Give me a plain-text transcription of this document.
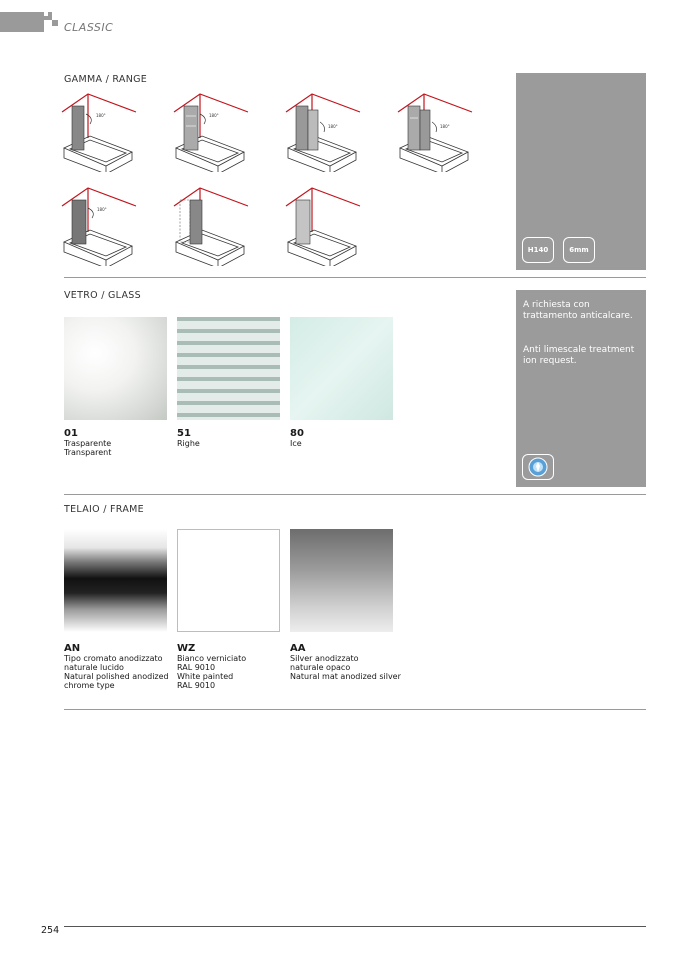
CLASSIC
GAMMA / RANGE
180°	180°
180°	180°
180°
H140	6mm
VETRO / GLASS
01
Trasparente
Transparent
51
Righe
80
Ice
A richiesta con trattamento anticalcare.
Anti limescale treatment ion request.
TELAIO / FRAME
AN
Tipo cromato anodizzato
naturale lucido
Natural polished anodized
chrome type
WZ
Bianco verniciato
RAL 9010
White painted
RAL 9010
AA
Silver anodizzato
naturale opaco
Natural mat anodized silver
254
